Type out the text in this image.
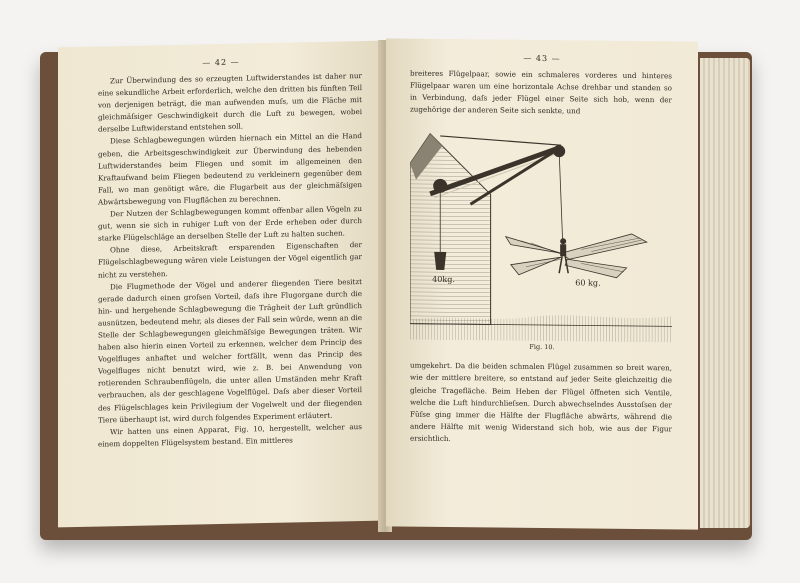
— 42 —

Zur Überwindung des so erzeugten Luftwiderstandes ist daher nur eine sekundliche Arbeit erforderlich, welche den dritten bis fünften Teil von derjenigen beträgt, die man aufwenden muſs, um die Fläche mit gleichmäſsiger Geschwindigkeit durch die Luft zu bewegen, wobei derselbe Luftwiderstand entstehen soll.

Diese Schlagbewegungen würden hiernach ein Mittel an die Hand geben, die Arbeitsgeschwindigkeit zur Überwindung des hebenden Luftwiderstandes beim Fliegen und somit im allgemeinen den Kraftaufwand beim Fliegen bedeutend zu verkleinern gegenüber dem Fall, wo man genötigt wäre, die Flugarbeit aus der gleichmäſsigen Abwärtsbewegung von Flugflächen zu berechnen.

Der Nutzen der Schlagbewegungen kommt offenbar allen Vögeln zu gut, wenn sie sich in ruhiger Luft von der Erde erheben oder durch starke Flügelschläge an derselben Stelle der Luft zu halten suchen.

Ohne diese, Arbeitskraft ersparenden Eigenschaften der Flügelschlagbewegung wären viele Leistungen der Vögel eigentlich gar nicht zu verstehen.

Die Flugmethode der Vögel und anderer fliegenden Tiere besitzt gerade dadurch einen groſsen Vorteil, daſs ihre Flugorgane durch die hin- und hergehende Schlagbewegung die Trägheit der Luft gründlich ausnützen, bedeutend mehr, als dieses der Fall sein würde, wenn an die Stelle der Schlagbewegungen gleichmäſsige Bewegungen träten. Wir haben also hierin einen Vorteil zu erkennen, welcher dem Princip des Vogelfluges anhaftet und welcher fortfällt, wenn das Princip des Vogelfluges nicht benutzt wird, wie z. B. bei Anwendung von rotierenden Schraubenflügeln, die unter allen Umständen mehr Kraft verbrauchen, als der geschlagene Vogelflügel. Daſs aber dieser Vorteil des Flügelschlages kein Privilegium der Vogelwelt und der fliegenden Tiere überhaupt ist, wird durch folgendes Experiment erläutert.

Wir hatten uns einen Apparat, Fig. 10, hergestellt, welcher aus einem doppelten Flügelsystem bestand. Ein mittleres

— 43 —

breiteres Flügelpaar, sowie ein schmaleres vorderes und hinteres Flügelpaar waren um eine horizontale Achse drehbar und standen so in Verbindung, daſs jeder Flügel einer Seite sich hob, wenn der zugehörige der anderen Seite sich senkte, und

40kg.	60 kg.
Fig. 10.

umgekehrt. Da die beiden schmalen Flügel zusammen so breit waren, wie der mittlere breitere, so entstand auf jeder Seite gleichzeitig die gleiche Tragefläche. Beim Heben der Flügel öffneten sich Ventile, welche die Luft hindurchlieſsen. Durch abwechselndes Ausstoſsen der Füſse ging immer die Hälfte der Flugfläche abwärts, während die andere Hälfte mit wenig Widerstand sich hob, wie aus der Figur ersichtlich.
